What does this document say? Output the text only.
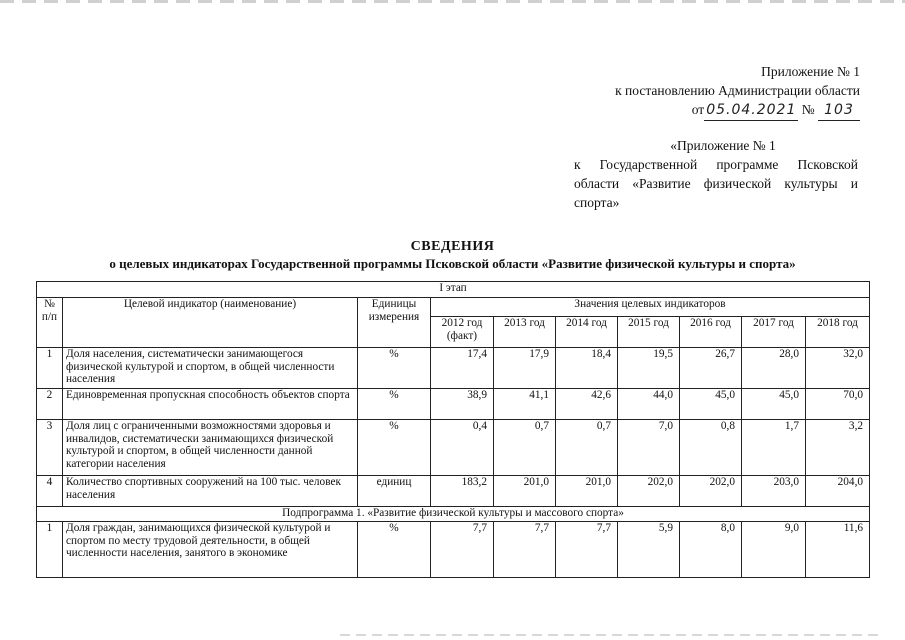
Приложение № 1
к постановлению Администрации области
от 05.04.2021 № 103
«Приложение № 1
к Государственной программе Псковской области «Развитие физической культуры и спорта»
СВЕДЕНИЯ
о целевых индикаторах Государственной программы Псковской области «Развитие физической культуры и спорта»
I этап									
№ п/п	Целевой индикатор (наименование)	Единицы измерения	Значения целевых индикаторов						
			2012 год (факт)	2013 год	2014 год	2015 год	2016 год	2017 год	2018 год
1	Доля населения, систематически занимающегося физической культурой и спортом, в общей численности населения	%	17,4	17,9	18,4	19,5	26,7	28,0	32,0
2	Единовременная пропускная способность объектов спорта	%	38,9	41,1	42,6	44,0	45,0	45,0	70,0
3	Доля лиц с ограниченными возможностями здоровья и инвалидов, систематически занимающихся физической культурой и спортом, в общей численности данной категории населения	%	0,4	0,7	0,7	7,0	0,8	1,7	3,2
4	Количество спортивных сооружений на 100 тыс. человек населения	единиц	183,2	201,0	201,0	202,0	202,0	203,0	204,0
Подпрограмма 1. «Развитие физической культуры и массового спорта»									
1	Доля граждан, занимающихся физической культурой и спортом по месту трудовой деятельности, в общей численности населения, занятого в экономике	%	7,7	7,7	7,7	5,9	8,0	9,0	11,6
